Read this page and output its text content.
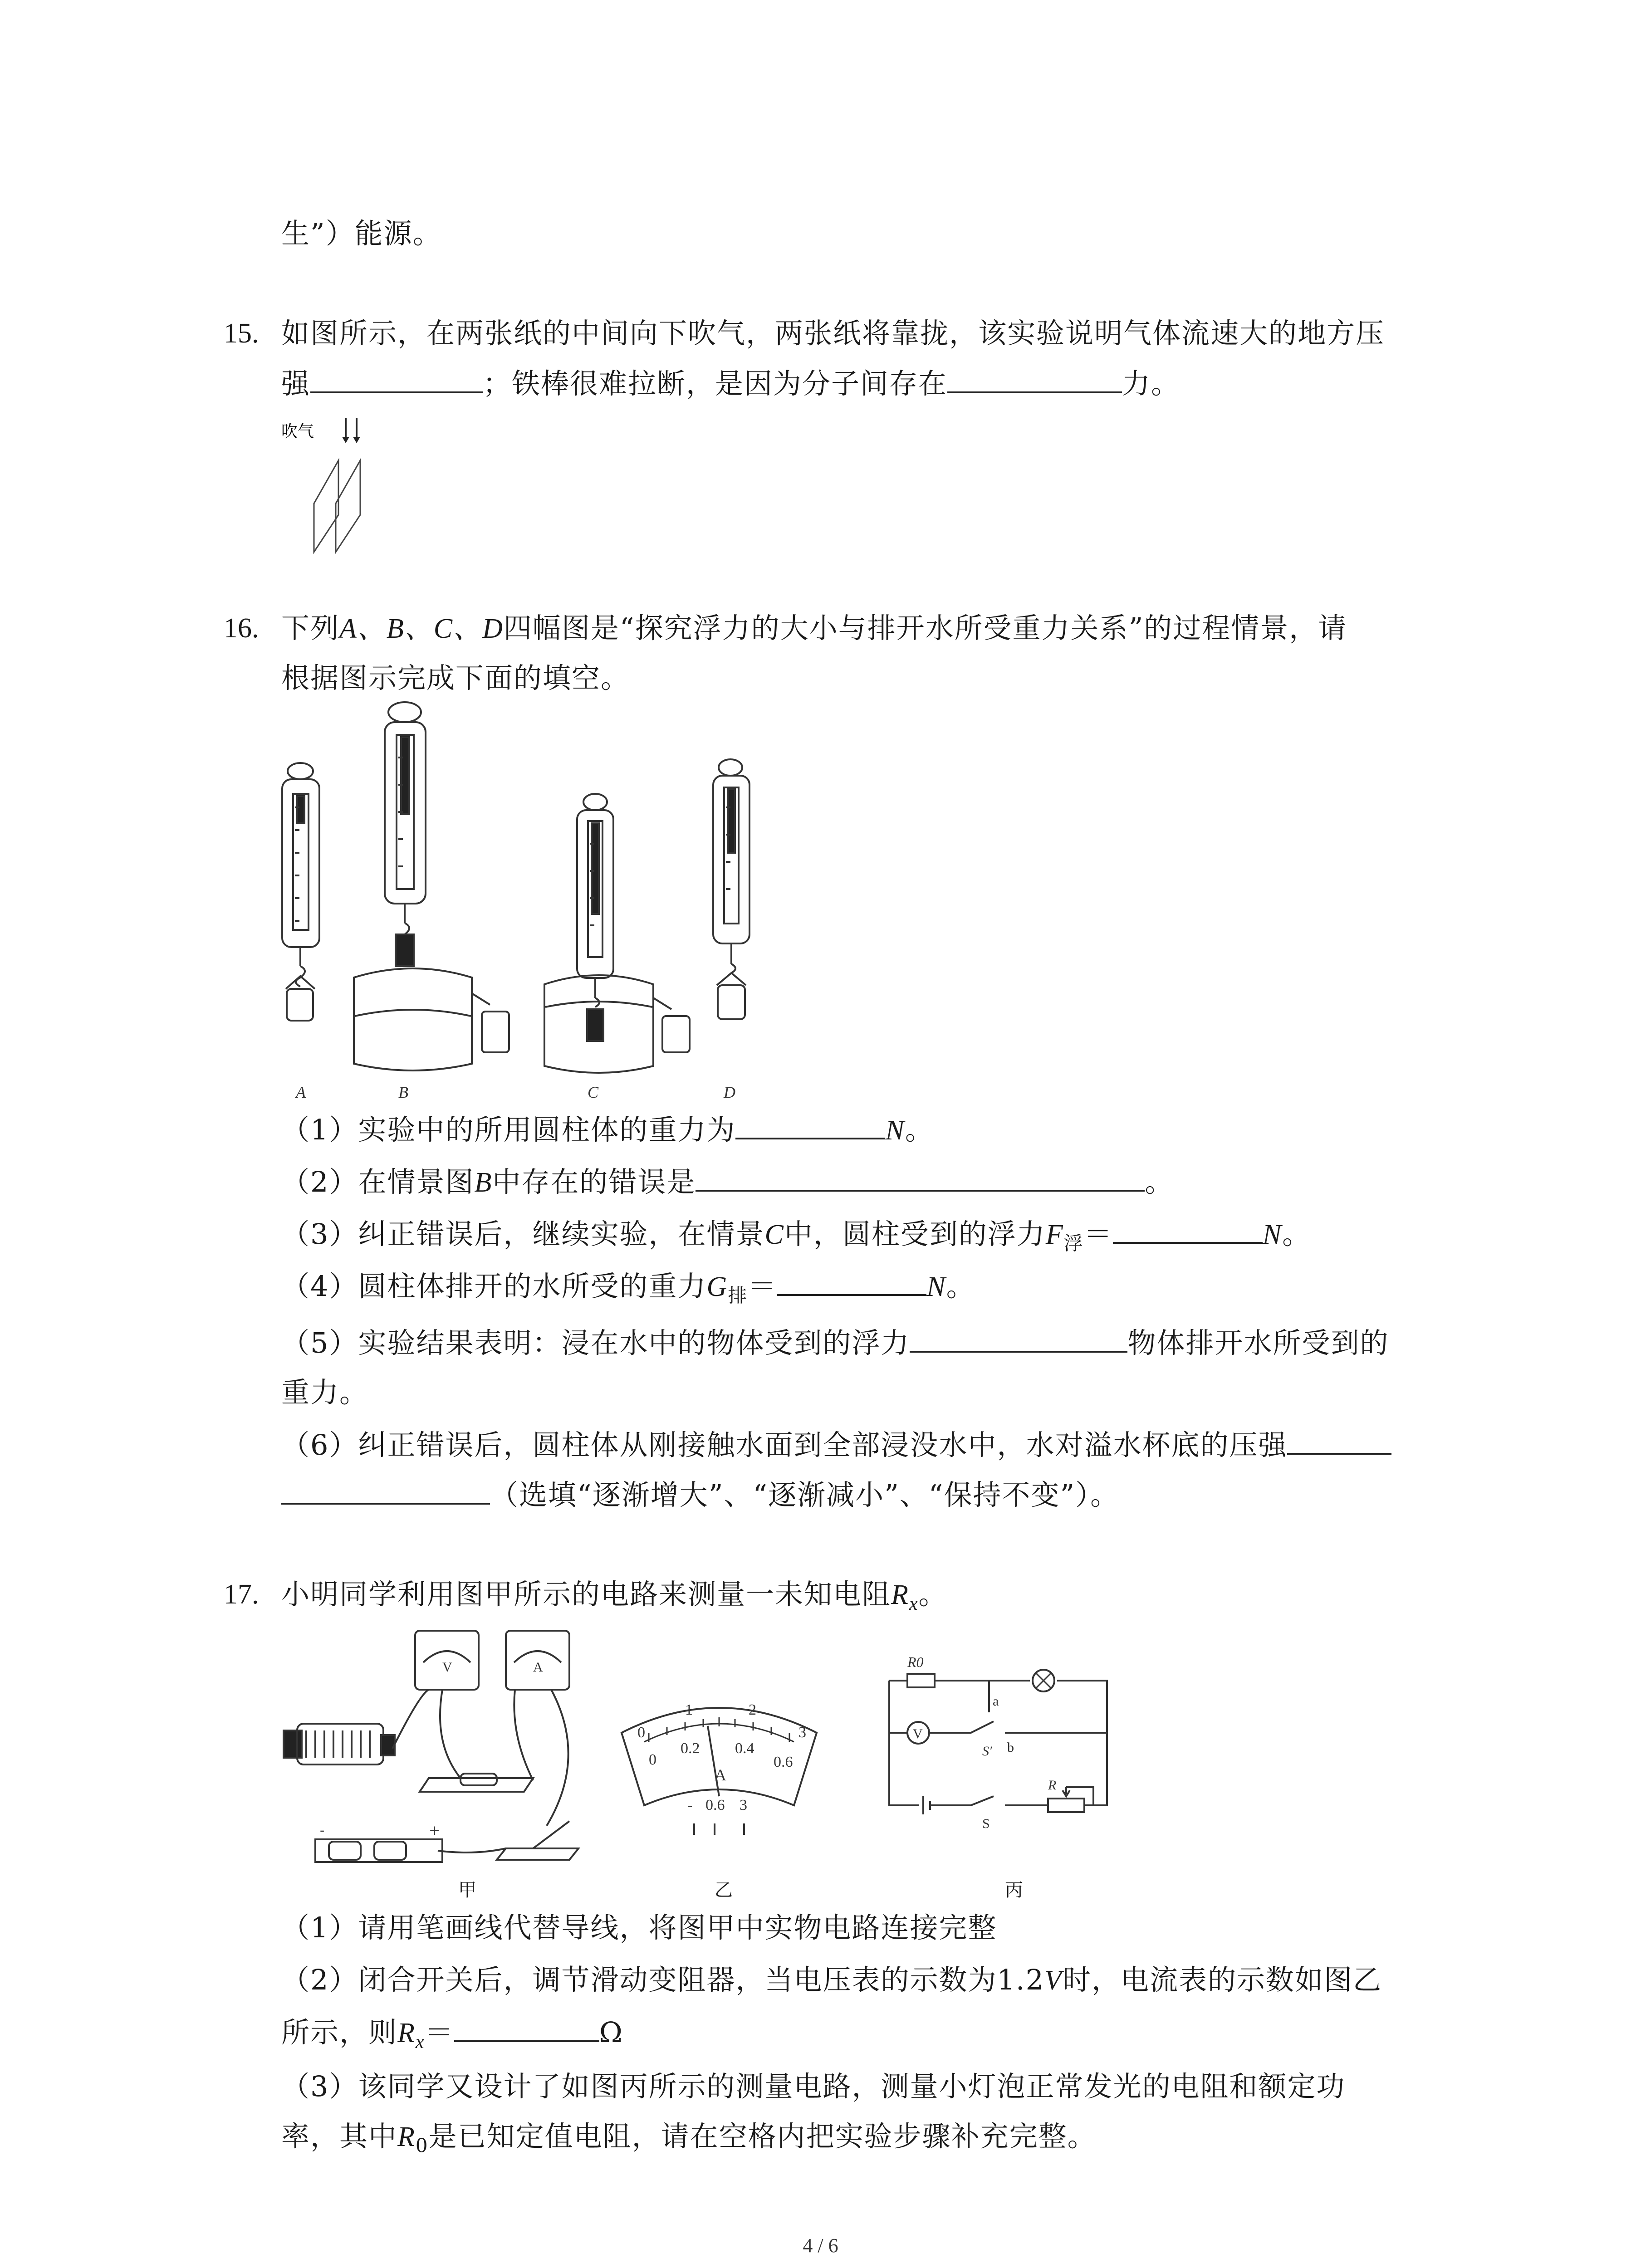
生”）能源。
15. 如图所示，在两张纸的中间向下吹气，两张纸将靠拢，该实验说明气体流速大的地方压
强	；铁棒很难拉断，是因为分子间存在	力。
吹气
16. 下列A、B、C、D四幅图是“探究浮力的大小与排开水所受重力关系”的过程情景，请
根据图示完成下面的填空。
A	B	C	D
（1）实验中的所用圆柱体的重力为	N。
（2）在情景图B中存在的错误是	。
（3）纠正错误后，继续实验，在情景C中，圆柱受到的浮力$F_浮=$	N。
（4）圆柱体排开的水所受的重力$G_排=$	N。
（5）实验结果表明：浸在水中的物体受到的浮力	物体排开水所受到的
重力。
（6）纠正错误后，圆柱体从刚接触水面到全部浸没水中，水对溢水杯底的压强
（选填“逐渐增大”、“逐渐减小”、“保持不变”）。
17. 小明同学利用图甲所示的电路来测量一未知电阻$R_x$。
V	A
-	+
0
1	2
3
0
0.2 0.4
0.6
A
- 0.6 3
R0
a
V
S′ b
R
S
甲	乙	丙
（1）请用笔画线代替导线，将图甲中实物电路连接完整
（2）闭合开关后，调节滑动变阻器，当电压表的示数为1.2V时，电流表的示数如图乙
所示，则$R_x=$	Ω
（3）该同学又设计了如图丙所示的测量电路，测量小灯泡正常发光的电阻和额定功
率，其中$R_0$是已知定值电阻，请在空格内把实验步骤补充完整。
4 / 6
